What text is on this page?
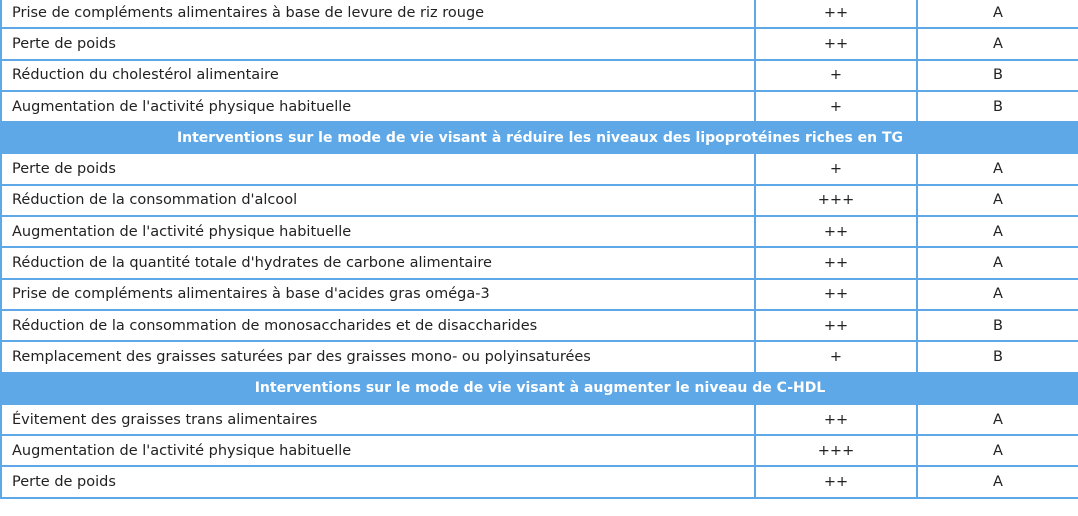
Prise de compléments alimentaires à base de levure de riz rouge	++	A
Perte de poids	++	A
Réduction du cholestérol alimentaire	+	B
Augmentation de l'activité physique habituelle	+	B
Interventions sur le mode de vie visant à réduire les niveaux des lipoprotéines riches en TG		
Perte de poids	+	A
Réduction de la consommation d'alcool	+++	A
Augmentation de l'activité physique habituelle	++	A
Réduction de la quantité totale d'hydrates de carbone alimentaire	++	A
Prise de compléments alimentaires à base d'acides gras oméga-3	++	A
Réduction de la consommation de monosaccharides et de disaccharides	++	B
Remplacement des graisses saturées par des graisses mono- ou polyinsaturées	+	B
Interventions sur le mode de vie visant à augmenter le niveau de C-HDL		
Évitement des graisses trans alimentaires	++	A
Augmentation de l'activité physique habituelle	+++	A
Perte de poids	++	A
